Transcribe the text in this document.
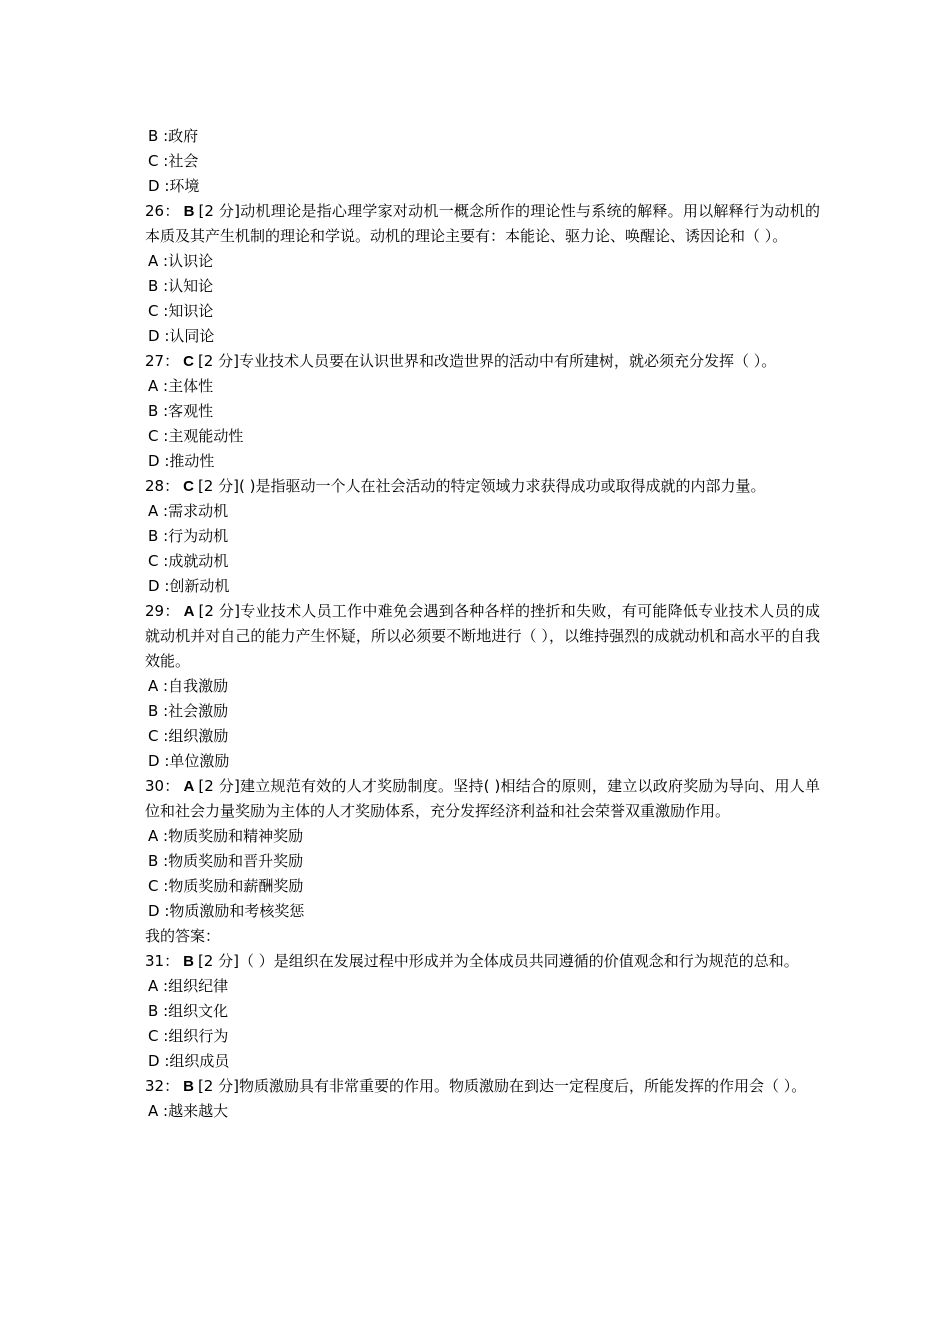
B :政府
C :社会
D :环境
26： B [2 分]动机理论是指心理学家对动机一概念所作的理论性与系统的解释。用以解释行为动机的本质及其产生机制的理论和学说。动机的理论主要有：本能论、驱力论、唤醒论、诱因论和（ ）。
A :认识论
B :认知论
C :知识论
D :认同论
27： C [2 分]专业技术人员要在认识世界和改造世界的活动中有所建树，就必须充分发挥（ ）。
A :主体性
B :客观性
C :主观能动性
D :推动性
28： C [2 分]( )是指驱动一个人在社会活动的特定领域力求获得成功或取得成就的内部力量。
A :需求动机
B :行为动机
C :成就动机
D :创新动机
29： A [2 分]专业技术人员工作中难免会遇到各种各样的挫折和失败，有可能降低专业技术人员的成就动机并对自己的能力产生怀疑，所以必须要不断地进行（ ），以维持强烈的成就动机和高水平的自我效能。
A :自我激励
B :社会激励
C :组织激励
D :单位激励
30： A [2 分]建立规范有效的人才奖励制度。坚持( )相结合的原则，建立以政府奖励为导向、用人单位和社会力量奖励为主体的人才奖励体系，充分发挥经济利益和社会荣誉双重激励作用。
A :物质奖励和精神奖励
B :物质奖励和晋升奖励
C :物质奖励和薪酬奖励
D :物质激励和考核奖惩
我的答案：
31： B [2 分]（ ）是组织在发展过程中形成并为全体成员共同遵循的价值观念和行为规范的总和。
A :组织纪律
B :组织文化
C :组织行为
D :组织成员
32： B [2 分]物质激励具有非常重要的作用。物质激励在到达一定程度后，所能发挥的作用会（ ）。
A :越来越大
